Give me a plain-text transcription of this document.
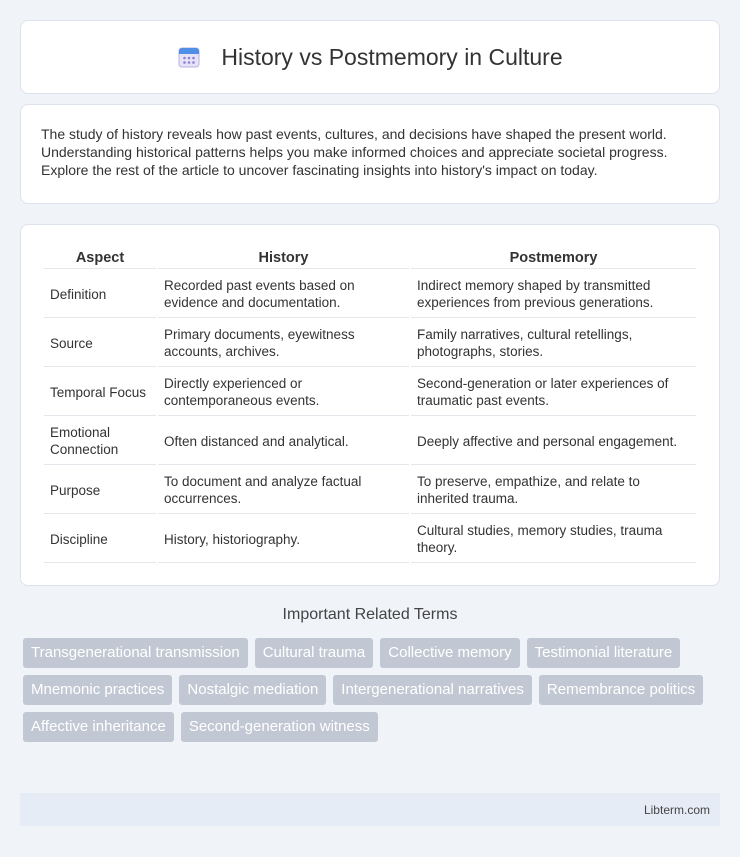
History vs Postmemory in Culture

The study of history reveals how past events, cultures, and decisions have shaped the present world. Understanding historical patterns helps you make informed choices and appreciate societal progress. Explore the rest of the article to uncover fascinating insights into history's impact on today.

Aspect	History	Postmemory
Definition	Recorded past events based on evidence and documentation.	Indirect memory shaped by transmitted experiences from previous generations.
Source	Primary documents, eyewitness accounts, archives.	Family narratives, cultural retellings, photographs, stories.
Temporal Focus	Directly experienced or contemporaneous events.	Second-generation or later experiences of traumatic past events.
Emotional Connection	Often distanced and analytical.	Deeply affective and personal engagement.
Purpose	To document and analyze factual occurrences.	To preserve, empathize, and relate to inherited trauma.
Discipline	History, historiography.	Cultural studies, memory studies, trauma theory.
Important Related Terms
Transgenerational transmission	Cultural trauma	Collective memory	Testimonial literature
Mnemonic practices	Nostalgic mediation	Intergenerational narratives	Remembrance politics
Affective inheritance	Second-generation witness
Libterm.com
